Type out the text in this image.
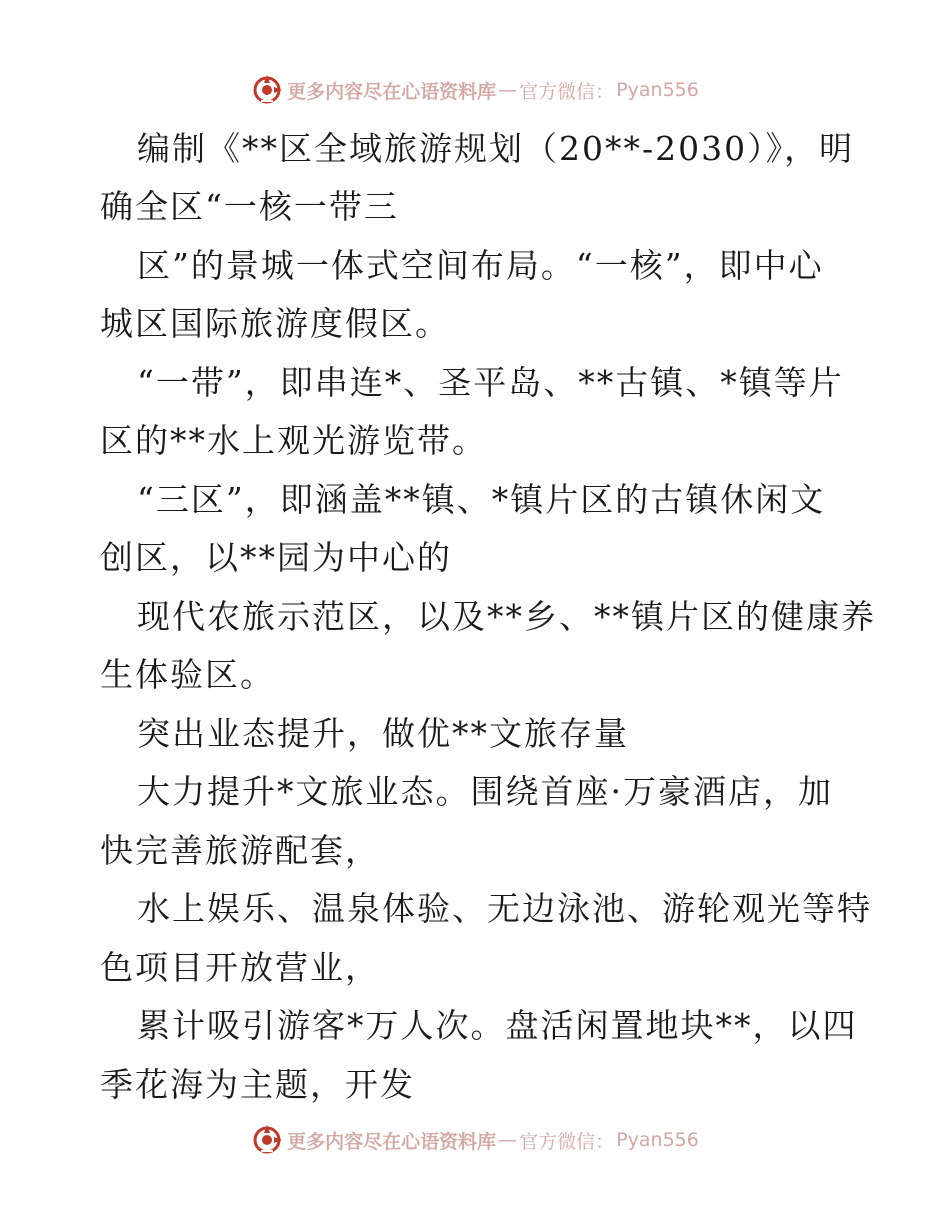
更多内容尽在心语资料库 — 官方微信： Pyan556
编制《**区全域旅游规划（20**-2030）》，明
确全区“一核一带三
区”的景城一体式空间布局。“一核”，即中心
城区国际旅游度假区。
“一带”，即串连*、圣平岛、**古镇、*镇等片
区的**水上观光游览带。
“三区”，即涵盖**镇、*镇片区的古镇休闲文
创区，以**园为中心的
现代农旅示范区，以及**乡、**镇片区的健康养
生体验区。
突出业态提升，做优**文旅存量
大力提升*文旅业态。围绕首座·万豪酒店，加
快完善旅游配套，
水上娱乐、温泉体验、无边泳池、游轮观光等特
色项目开放营业，
累计吸引游客*万人次。盘活闲置地块**，以四
季花海为主题，开发
更多内容尽在心语资料库 — 官方微信： Pyan556
